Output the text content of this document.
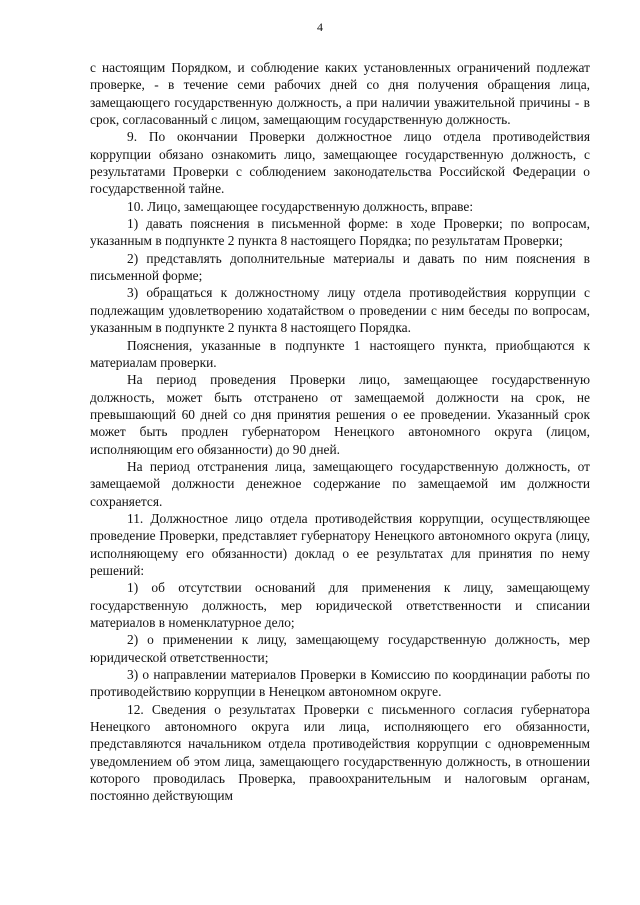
4

с настоящим Порядком, и соблюдение каких установленных ограничений подлежат проверке, - в течение семи рабочих дней со дня получения обращения лица, замещающего государственную должность, а при наличии уважительной причины - в срок, согласованный с лицом, замещающим государственную должность.

9. По окончании Проверки должностное лицо отдела противодействия коррупции обязано ознакомить лицо, замещающее государственную должность, с результатами Проверки с соблюдением законодательства Российской Федерации о государственной тайне.

10. Лицо, замещающее государственную должность, вправе:

1) давать пояснения в письменной форме: в ходе Проверки; по вопросам, указанным в подпункте 2 пункта 8 настоящего Порядка; по результатам Проверки;

2) представлять дополнительные материалы и давать по ним пояснения в письменной форме;

3) обращаться к должностному лицу отдела противодействия коррупции с подлежащим удовлетворению ходатайством о проведении с ним беседы по вопросам, указанным в подпункте 2 пункта 8 настоящего Порядка.

Пояснения, указанные в подпункте 1 настоящего пункта, приобщаются к материалам проверки.

На период проведения Проверки лицо, замещающее государственную должность, может быть отстранено от замещаемой должности на срок, не превышающий 60 дней со дня принятия решения о ее проведении. Указанный срок может быть продлен губернатором Ненецкого автономного округа (лицом, исполняющим его обязанности) до 90 дней.

На период отстранения лица, замещающего государственную должность, от замещаемой должности денежное содержание по замещаемой им должности сохраняется.

11. Должностное лицо отдела противодействия коррупции, осуществляющее проведение Проверки, представляет губернатору Ненецкого автономного округа (лицу, исполняющему его обязанности) доклад о ее результатах для принятия по нему решений:

1) об отсутствии оснований для применения к лицу, замещающему государственную должность, мер юридической ответственности и списании материалов в номенклатурное дело;

2) о применении к лицу, замещающему государственную должность, мер юридической ответственности;

3) о направлении материалов Проверки в Комиссию по координации работы по противодействию коррупции в Ненецком автономном округе.

12. Сведения о результатах Проверки с письменного согласия губернатора Ненецкого автономного округа или лица, исполняющего его обязанности, представляются начальником отдела противодействия коррупции с одновременным уведомлением об этом лица, замещающего государственную должность, в отношении которого проводилась Проверка, правоохранительным и налоговым органам, постоянно действующим
